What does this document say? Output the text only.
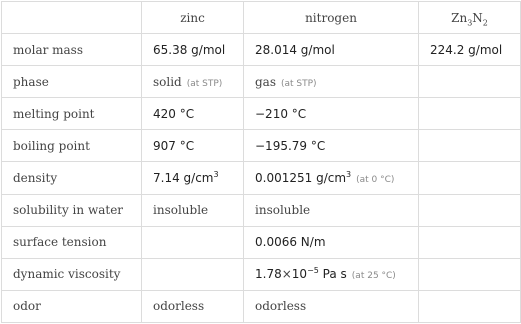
	zinc	nitrogen	$Zn_3N_2$
molar mass	65.38 g/mol	28.014 g/mol	224.2 g/mol
phase	solid (at STP)	gas (at STP)	
melting point	420 °C	−210 °C	
boiling point	907 °C	−195.79 °C	
density	7.14 $g/cm^3$	0.001251 $g/cm^3(at$ 0 °C)	
solubility in water	insoluble	insoluble	
surface tension		0.0066 N/m	
dynamic viscosity		$1.78\times 10^{-5}$ Pa s (at 25 °C)	
odor	odorless	odorless	
